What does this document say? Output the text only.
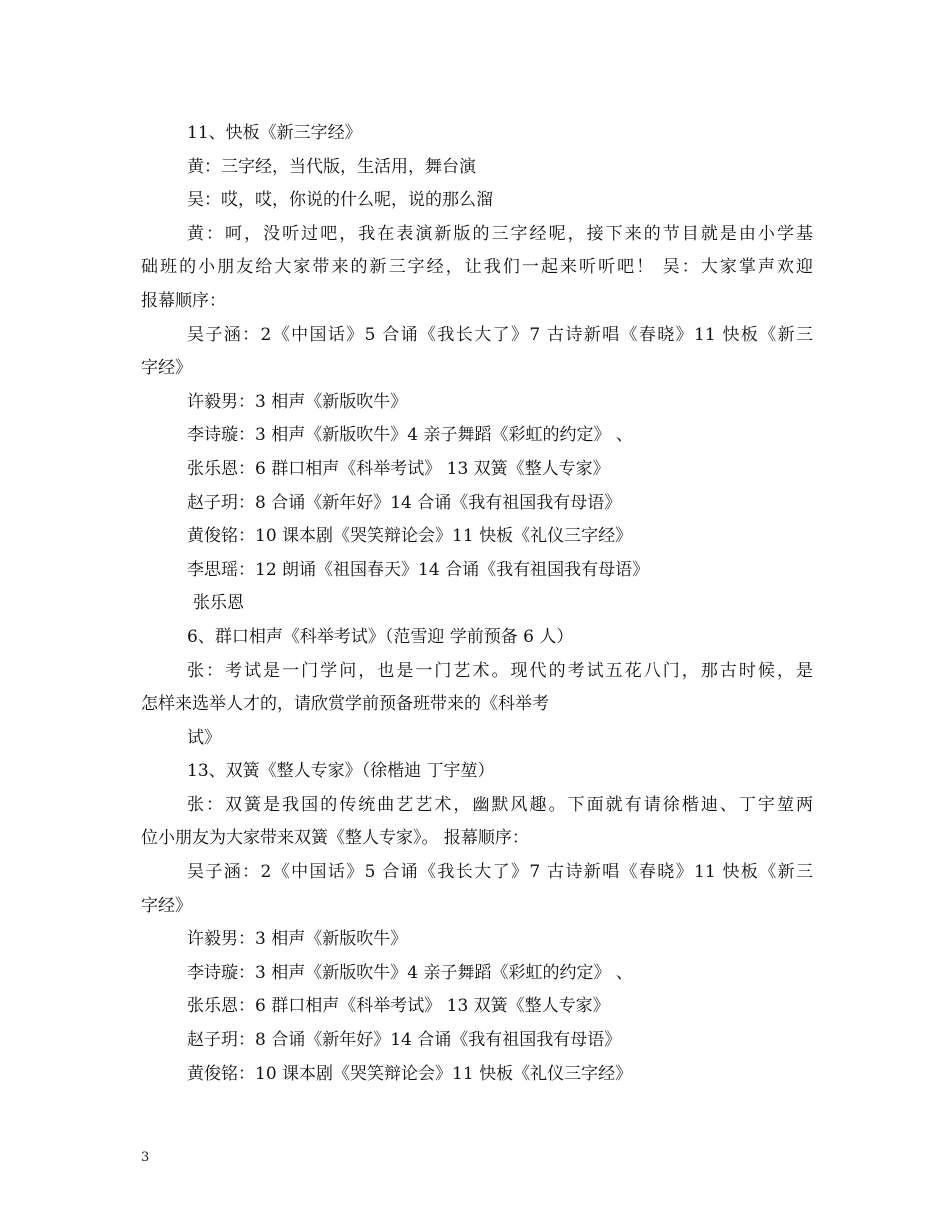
11、快板《新三字经》

黄：三字经，当代版，生活用，舞台演

吴：哎，哎，你说的什么呢，说的那么溜

黄：呵，没听过吧，我在表演新版的三字经呢，接下来的节目就是由小学基

础班的小朋友给大家带来的新三字经，让我们一起来听听吧！ 吴：大家掌声欢迎

报幕顺序：

吴子涵：2《中国话》5 合诵《我长大了》7 古诗新唱《春晓》11 快板《新三

字经》

许毅男：3 相声《新版吹牛》

李诗璇：3 相声《新版吹牛》4 亲子舞蹈《彩虹的约定》 、

张乐恩：6 群口相声《科举考试》 13 双簧《整人专家》

赵子玥：8 合诵《新年好》14 合诵《我有祖国我有母语》

黄俊铭：10 课本剧《哭笑辩论会》11 快板《礼仪三字经》

李思瑶：12 朗诵《祖国春天》14 合诵《我有祖国我有母语》

张乐恩

6、群口相声《科举考试》（范雪迎 学前预备 6 人）

张：考试是一门学问，也是一门艺术。现代的考试五花八门，那古时候，是

怎样来选举人才的，请欣赏学前预备班带来的《科举考

试》

13、双簧《整人专家》（徐楷迪 丁宇堃）

张：双簧是我国的传统曲艺艺术，幽默风趣。下面就有请徐楷迪、丁宇堃两

位小朋友为大家带来双簧《整人专家》。 报幕顺序：

吴子涵：2《中国话》5 合诵《我长大了》7 古诗新唱《春晓》11 快板《新三

字经》

许毅男：3 相声《新版吹牛》

李诗璇：3 相声《新版吹牛》4 亲子舞蹈《彩虹的约定》 、

张乐恩：6 群口相声《科举考试》 13 双簧《整人专家》

赵子玥：8 合诵《新年好》14 合诵《我有祖国我有母语》

黄俊铭：10 课本剧《哭笑辩论会》11 快板《礼仪三字经》

3
